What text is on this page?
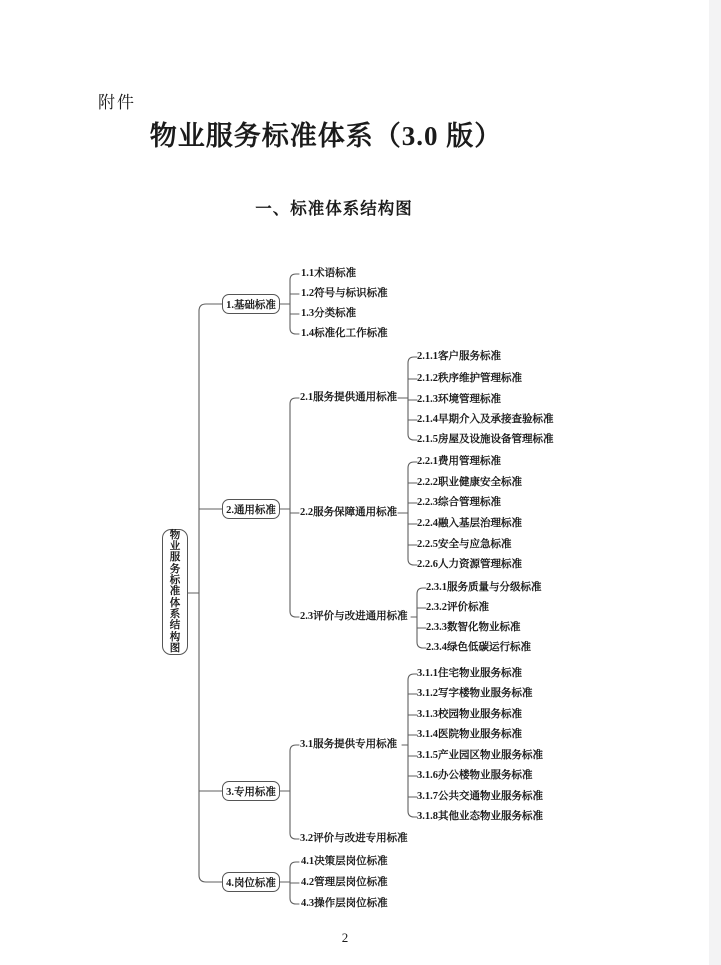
附件
物业服务标准体系（3.0 版）
一、标准体系结构图
物业服务标准体系结构图
1.基础标准
2.通用标准
3.专用标准
4.岗位标准
1.1术语标准
1.2符号与标识标准
1.3分类标准
1.4标准化工作标准
2.1服务提供通用标准
2.2服务保障通用标准
2.3评价与改进通用标准
2.1.1客户服务标准
2.1.2秩序维护管理标准
2.1.3环境管理标准
2.1.4早期介入及承接查验标准
2.1.5房屋及设施设备管理标准
2.2.1费用管理标准
2.2.2职业健康安全标准
2.2.3综合管理标准
2.2.4融入基层治理标准
2.2.5安全与应急标准
2.2.6人力资源管理标准
2.3.1服务质量与分级标准
2.3.2评价标准
2.3.3数智化物业标准
2.3.4绿色低碳运行标准
3.1服务提供专用标准
3.2评价与改进专用标准
3.1.1住宅物业服务标准
3.1.2写字楼物业服务标准
3.1.3校园物业服务标准
3.1.4医院物业服务标准
3.1.5产业园区物业服务标准
3.1.6办公楼物业服务标准
3.1.7公共交通物业服务标准
3.1.8其他业态物业服务标准
4.1决策层岗位标准
4.2管理层岗位标准
4.3操作层岗位标准
2
